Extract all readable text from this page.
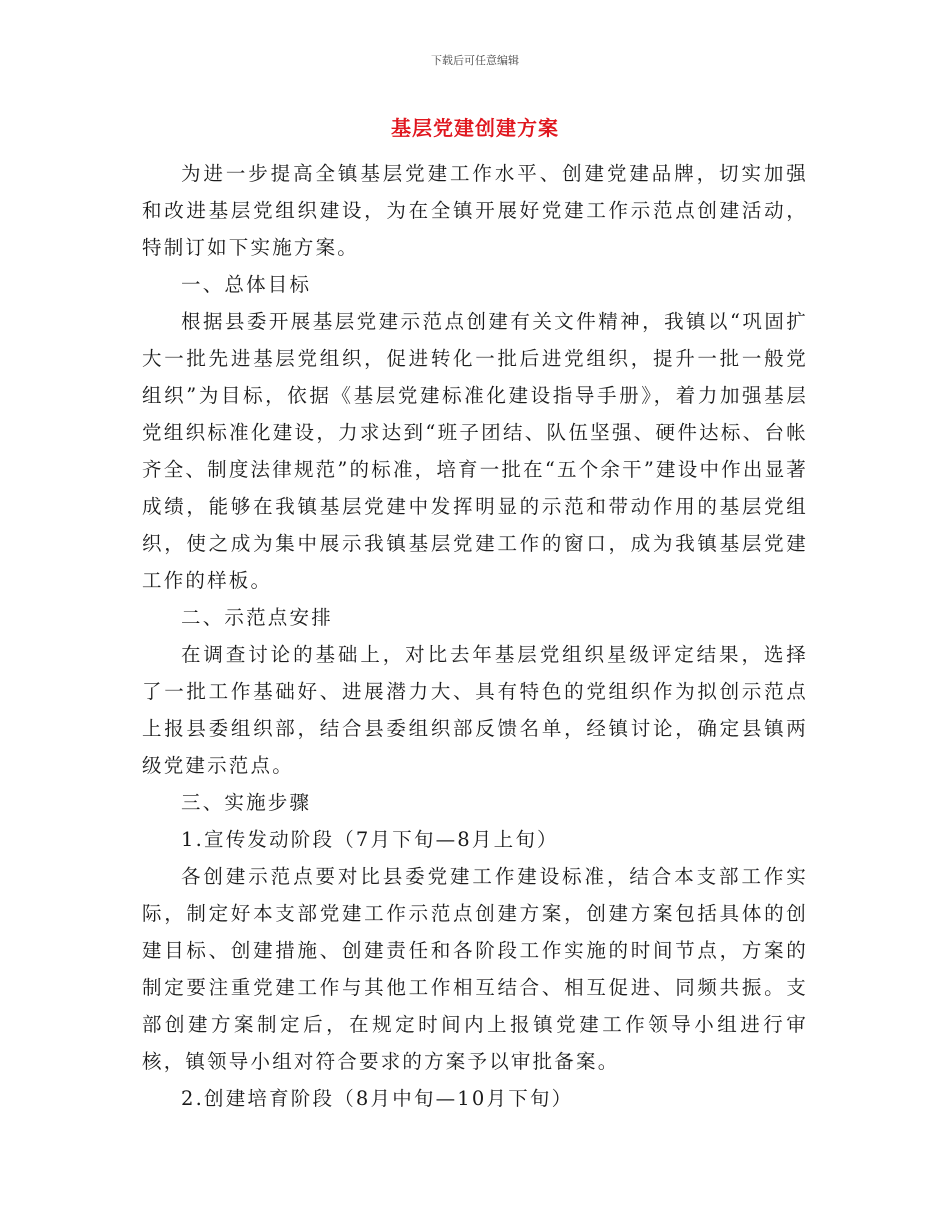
下载后可任意编辑
基层党建创建方案

为进一步提高全镇基层党建工作水平、创建党建品牌，切实加强和改进基层党组织建设，为在全镇开展好党建工作示范点创建活动，特制订如下实施方案。

一、总体目标

根据县委开展基层党建示范点创建有关文件精神，我镇以“巩固扩大一批先进基层党组织，促进转化一批后进党组织，提升一批一般党组织”为目标，依据《基层党建标准化建设指导手册》，着力加强基层党组织标准化建设，力求达到“班子团结、队伍坚强、硬件达标、台帐齐全、制度法律规范”的标准，培育一批在“五个余干”建设中作出显著成绩，能够在我镇基层党建中发挥明显的示范和带动作用的基层党组织，使之成为集中展示我镇基层党建工作的窗口，成为我镇基层党建工作的样板。

二、示范点安排

在调查讨论的基础上，对比去年基层党组织星级评定结果，选择了一批工作基础好、进展潜力大、具有特色的党组织作为拟创示范点上报县委组织部，结合县委组织部反馈名单，经镇讨论，确定县镇两级党建示范点。

三、实施步骤

1.宣传发动阶段（7月下旬—8月上旬）

各创建示范点要对比县委党建工作建设标准，结合本支部工作实际，制定好本支部党建工作示范点创建方案，创建方案包括具体的创建目标、创建措施、创建责任和各阶段工作实施的时间节点，方案的制定要注重党建工作与其他工作相互结合、相互促进、同频共振。支部创建方案制定后，在规定时间内上报镇党建工作领导小组进行审核，镇领导小组对符合要求的方案予以审批备案。

2.创建培育阶段（8月中旬—10月下旬）
